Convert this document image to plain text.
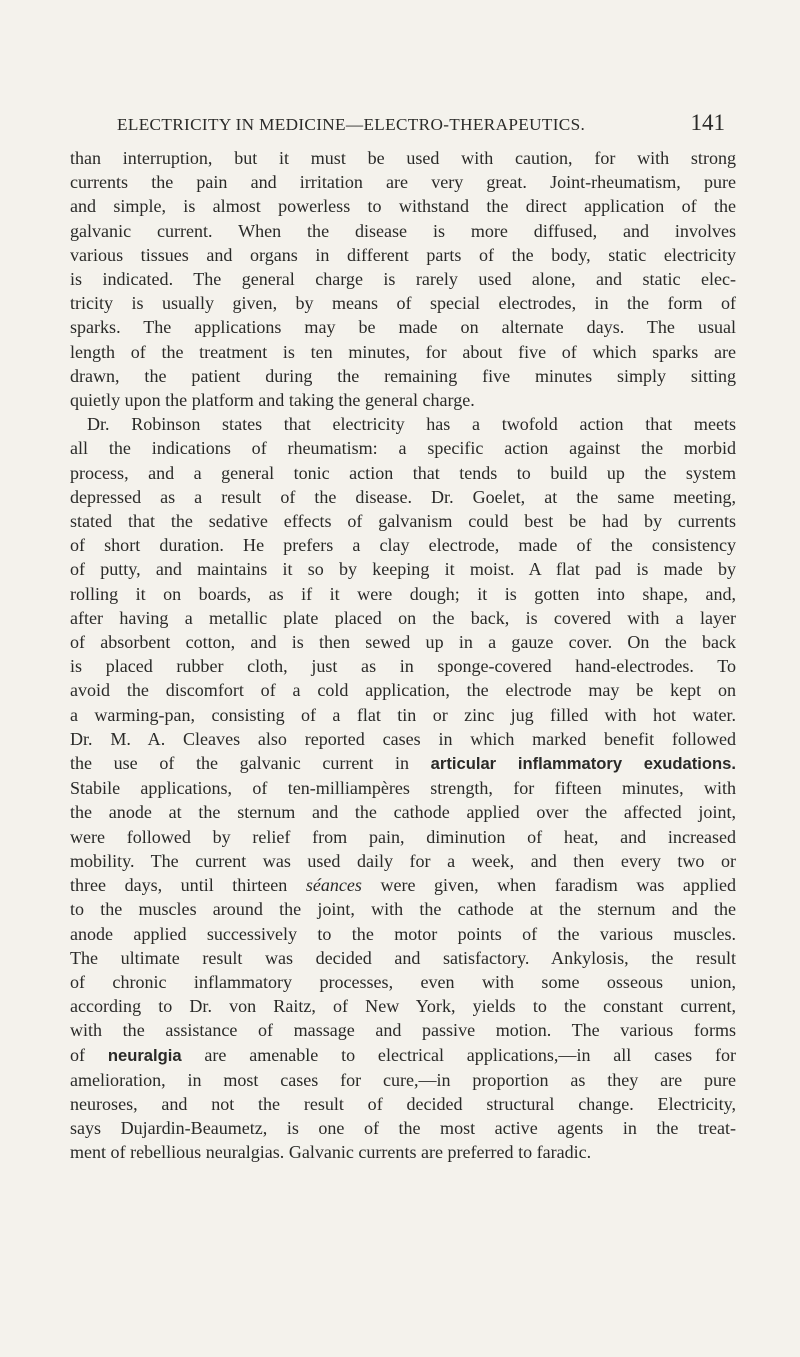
ELECTRICITY IN MEDICINE—ELECTRO-THERAPEUTICS.	141
than interruption, but it must be used with caution, for with strong
currents the pain and irritation are very great. Joint-rheumatism, pure
and simple, is almost powerless to withstand the direct application of the
galvanic current. When the disease is more diffused, and involves
various tissues and organs in different parts of the body, static electricity
is indicated. The general charge is rarely used alone, and static elec-
tricity is usually given, by means of special electrodes, in the form of
sparks. The applications may be made on alternate days. The usual
length of the treatment is ten minutes, for about five of which sparks are
drawn, the patient during the remaining five minutes simply sitting
quietly upon the platform and taking the general charge.
Dr. Robinson states that electricity has a twofold action that meets
all the indications of rheumatism: a specific action against the morbid
process, and a general tonic action that tends to build up the system
depressed as a result of the disease. Dr. Goelet, at the same meeting,
stated that the sedative effects of galvanism could best be had by currents
of short duration. He prefers a clay electrode, made of the consistency
of putty, and maintains it so by keeping it moist. A flat pad is made by
rolling it on boards, as if it were dough; it is gotten into shape, and,
after having a metallic plate placed on the back, is covered with a layer
of absorbent cotton, and is then sewed up in a gauze cover. On the back
is placed rubber cloth, just as in sponge-covered hand-electrodes. To
avoid the discomfort of a cold application, the electrode may be kept on
a warming-pan, consisting of a flat tin or zinc jug filled with hot water.
Dr. M. A. Cleaves also reported cases in which marked benefit followed
the use of the galvanic current in articular inflammatory exudations.
Stabile applications, of ten-milliampères strength, for fifteen minutes, with
the anode at the sternum and the cathode applied over the affected joint,
were followed by relief from pain, diminution of heat, and increased
mobility. The current was used daily for a week, and then every two or
three days, until thirteen séances were given, when faradism was applied
to the muscles around the joint, with the cathode at the sternum and the
anode applied successively to the motor points of the various muscles.
The ultimate result was decided and satisfactory. Ankylosis, the result
of chronic inflammatory processes, even with some osseous union,
according to Dr. von Raitz, of New York, yields to the constant current,
with the assistance of massage and passive motion. The various forms
of neuralgia are amenable to electrical applications,—in all cases for
amelioration, in most cases for cure,—in proportion as they are pure
neuroses, and not the result of decided structural change. Electricity,
says Dujardin-Beaumetz, is one of the most active agents in the treat-
ment of rebellious neuralgias. Galvanic currents are preferred to faradic.
